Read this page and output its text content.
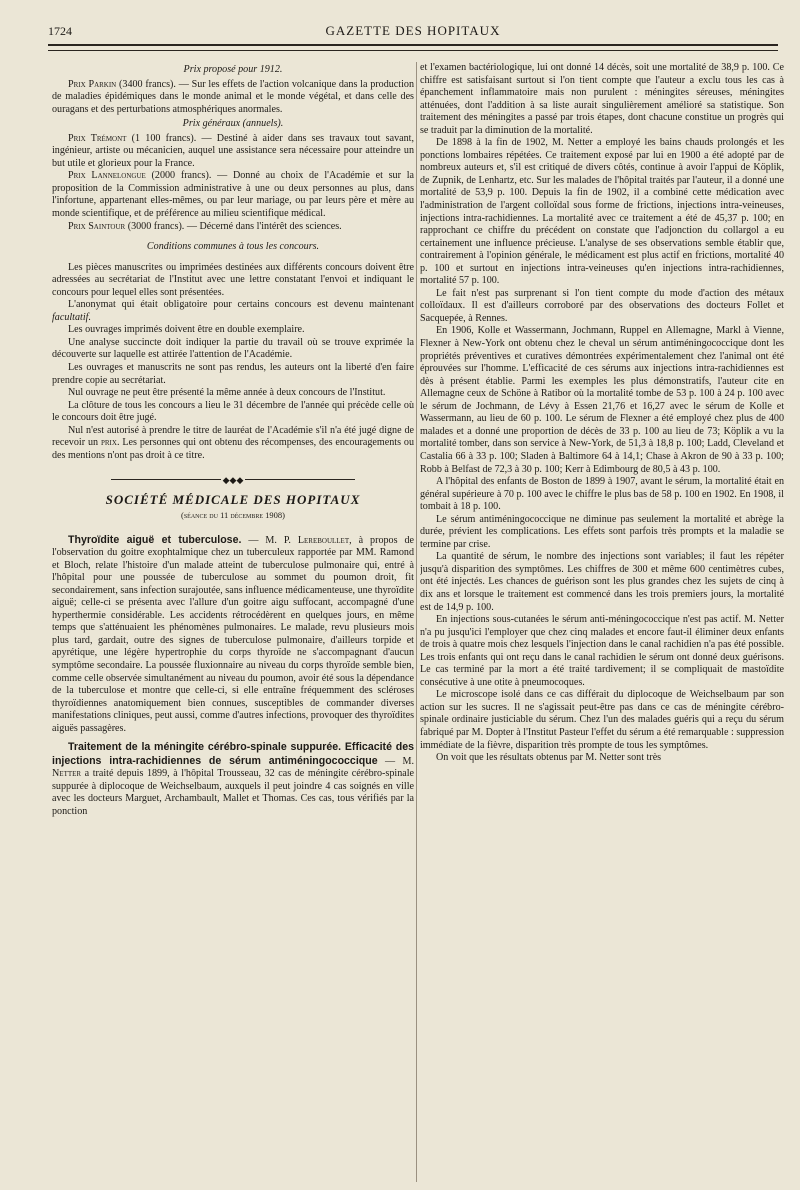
1724	GAZETTE DES HOPITAUX

Prix proposé pour 1912.

Prix Parkin (3400 francs). — Sur les effets de l'action volcanique dans la production de maladies épidémiques dans le monde animal et le monde végétal, et dans celle des ouragans et des perturbations atmosphériques anormales.

Prix généraux (annuels).

Prix Trémont (1 100 francs). — Destiné à aider dans ses travaux tout savant, ingénieur, artiste ou mécanicien, auquel une assistance sera nécessaire pour atteindre un but utile et glorieux pour la France.

Prix Lannelongue (2000 francs). — Donné au choix de l'Académie et sur la proposition de la Commission administrative à une ou deux personnes au plus, dans l'infortune, appartenant elles-mêmes, ou par leur mariage, ou par leurs père et mère au monde scientifique, et de préférence au milieu scientifique médical.

Prix Saintour (3000 francs). — Décerné dans l'intérêt des sciences.

Conditions communes à tous les concours.

Les pièces manuscrites ou imprimées destinées aux différents concours doivent être adressées au secrétariat de l'Institut avec une lettre constatant l'envoi et indiquant le concours pour lequel elles sont présentées.

L'anonymat qui était obligatoire pour certains concours est devenu maintenant facultatif.

Les ouvrages imprimés doivent être en double exemplaire.

Une analyse succincte doit indiquer la partie du travail où se trouve exprimée la découverte sur laquelle est attirée l'attention de l'Académie.

Les ouvrages et manuscrits ne sont pas rendus, les auteurs ont la liberté d'en faire prendre copie au secrétariat.

Nul ouvrage ne peut être présenté la même année à deux concours de l'Institut.

La clôture de tous les concours a lieu le 31 décembre de l'année qui précède celle où le concours doit être jugé.

Nul n'est autorisé à prendre le titre de lauréat de l'Académie s'il n'a été jugé digne de recevoir un prix. Les personnes qui ont obtenu des récompenses, des encouragements ou des mentions n'ont pas droit à ce titre.

◆◆◆

SOCIÉTÉ MÉDICALE DES HOPITAUX

(séance du 11 décembre 1908)

Thyroïdite aiguë et tuberculose. — M. P. Lereboullet, à propos de l'observation du goitre exophtalmique chez un tuberculeux rapportée par MM. Ramond et Bloch, relate l'histoire d'un malade atteint de tuberculose pulmonaire qui, entré à l'hôpital pour une poussée de tuberculose au sommet du poumon droit, fit secondairement, sans infection surajoutée, sans influence médicamenteuse, une thyroïdite aiguë; celle-ci se présenta avec l'allure d'un goitre aigu suffocant, accompagné d'une hyperthermie considérable. Les accidents rétrocédèrent en quelques jours, en même temps que s'atténuaient les phénomènes pulmonaires. Le malade, revu plusieurs mois plus tard, gardait, outre des signes de tuberculose pulmonaire, d'ailleurs torpide et apyrétique, une légère hypertrophie du corps thyroïde ne s'accompagnant d'aucun symptôme secondaire. La poussée fluxionnaire au niveau du corps thyroïde semble bien, comme celle observée simultanément au niveau du poumon, avoir été sous la dépendance de la tuberculose et montre que celle-ci, si elle entraîne fréquemment des scléroses thyroïdiennes anatomiquement bien connues, susceptibles de commander diverses manifestations cliniques, peut aussi, comme d'autres infections, provoquer des thyroïdites aiguës passagères.

Traitement de la méningite cérébro-spinale suppurée. Efficacité des injections intra-rachidiennes de sérum antiméningococcique — M. Netter a traité depuis 1899, à l'hôpital Trousseau, 32 cas de méningite cérébro-spinale suppurée à diplocoque de Weichselbaum, auxquels il peut joindre 4 cas soignés en ville avec les docteurs Marguet, Archambault, Mallet et Thomas. Ces cas, tous vérifiés par la ponction

et l'examen bactériologique, lui ont donné 14 décès, soit une mortalité de 38,9 p. 100. Ce chiffre est satisfaisant surtout si l'on tient compte que l'auteur a exclu tous les cas à épanchement inflammatoire mais non purulent : méningites séreuses, méningites atténuées, dont l'addition à sa liste aurait singulièrement amélioré sa statistique. Son traitement des méningites a passé par trois étapes, dont chacune constitue un progrès qui se traduit par la diminution de la mortalité.

De 1898 à la fin de 1902, M. Netter a employé les bains chauds prolongés et les ponctions lombaires répétées. Ce traitement exposé par lui en 1900 a été adopté par de nombreux auteurs et, s'il est critiqué de divers côtés, continue à avoir l'appui de Köplik, de Zupnik, de Lenhartz, etc. Sur les malades de l'hôpital traités par l'auteur, il a donné une mortalité de 53,9 p. 100. Depuis la fin de 1902, il a combiné cette médication avec l'administration de l'argent colloïdal sous forme de frictions, injections intra-veineuses, injections intra-rachidiennes. La mortalité avec ce traitement a été de 45,37 p. 100; en rapprochant ce chiffre du précédent on constate que l'adjonction du collargol a eu certainement une influence précieuse. L'analyse de ses observations semble établir que, contrairement à l'opinion générale, le médicament est plus actif en frictions, mortalité 40 p. 100 et surtout en injections intra-veineuses qu'en injections intra-rachidiennes, mortalité 57 p. 100.

Le fait n'est pas surprenant si l'on tient compte du mode d'action des métaux colloïdaux. Il est d'ailleurs corroboré par des observations des docteurs Follet et Sacquepée, à Rennes.

En 1906, Kolle et Wassermann, Jochmann, Ruppel en Allemagne, Markl à Vienne, Flexner à New-York ont obtenu chez le cheval un sérum antiméningococcique dont les propriétés préventives et curatives démontrées expérimentalement chez l'animal ont été éprouvées sur l'homme. L'efficacité de ces sérums aux injections intra-rachidiennes est dès à présent établie. Parmi les exemples les plus démonstratifs, l'auteur cite en Allemagne ceux de Schöne à Ratibor où la mortalité tombe de 53 p. 100 à 24 p. 100 avec le sérum de Jochmann, de Lévy à Essen 21,76 et 16,27 avec le sérum de Kolle et Wassermann, au lieu de 60 p. 100. Le sérum de Flexner a été employé chez plus de 400 malades et a donné une proportion de décès de 33 p. 100 au lieu de 73; Köplik a vu la mortalité tomber, dans son service à New-York, de 51,3 à 18,8 p. 100; Ladd, Cleveland et Castalia 66 à 33 p. 100; Sladen à Baltimore 64 à 14,1; Chase à Akron de 90 à 33 p. 100; Robb à Belfast de 72,3 à 30 p. 100; Kerr à Edimbourg de 80,5 à 43 p. 100.

A l'hôpital des enfants de Boston de 1899 à 1907, avant le sérum, la mortalité était en général supérieure à 70 p. 100 avec le chiffre le plus bas de 58 p. 100 en 1902. En 1908, il tombait à 18 p. 100.

Le sérum antiméningococcique ne diminue pas seulement la mortalité et abrège la durée, prévient les complications. Les effets sont parfois très prompts et la maladie se termine par crise.

La quantité de sérum, le nombre des injections sont variables; il faut les répéter jusqu'à disparition des symptômes. Les chiffres de 300 et même 600 centimètres cubes, ont été injectés. Les chances de guérison sont les plus grandes chez les sujets de cinq à dix ans et lorsque le traitement est commencé dans les trois premiers jours, la mortalité est de 14,9 p. 100.

En injections sous-cutanées le sérum anti-méningococcique n'est pas actif. M. Netter n'a pu jusqu'ici l'employer que chez cinq malades et encore faut-il éliminer deux enfants de trois à quatre mois chez lesquels l'injection dans le canal rachidien n'a pas été possible. Les trois enfants qui ont reçu dans le canal rachidien le sérum ont donné deux guérisons. Le cas terminé par la mort a été traité tardivement; il se compliquait de mastoïdite consécutive à une otite à pneumocoques.

Le microscope isolé dans ce cas différait du diplocoque de Weichselbaum par son action sur les sucres. Il ne s'agissait peut-être pas dans ce cas de méningite cérébro-spinale ordinaire justiciable du sérum. Chez l'un des malades guéris qui a reçu du sérum fabriqué par M. Dopter à l'Institut Pasteur l'effet du sérum a été remarquable : suppression immédiate de la fièvre, disparition très prompte de tous les symptômes.

On voit que les résultats obtenus par M. Netter sont très
